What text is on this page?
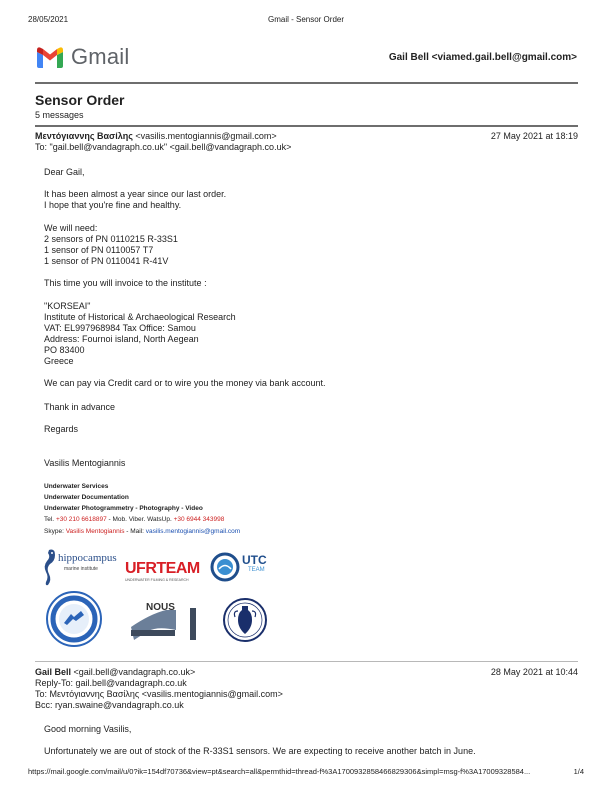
28/05/2021	Gmail - Sensor Order
Gmail	Gail Bell <viamed.gail.bell@gmail.com>
Sensor Order
5 messages
Μεντόγιαννης Βασίλης <vasilis.mentogiannis@gmail.com>	27 May 2021 at 18:19
To: "gail.bell@vandagraph.co.uk" <gail.bell@vandagraph.co.uk>
Dear Gail,
It has been almost a year since our last order.
I hope that you're fine and healthy.
We will need:
2 sensors of PN 0110215 R-33S1
1 sensor of PN 0110057 T7
1 sensor of PN 0110041 R-41V
This time you will invoice to the institute :
"KORSEAI"
Institute of Historical & Archaeological Research
VAT: EL997968984 Tax Office: Samou
Address: Fournoi island, North Aegean
PO 83400
Greece
We can pay via Credit card or to wire you the money via bank account.
Thank in advance
Regards
Vasilis Mentogiannis
Underwater Services
Underwater Documentation
Underwater Photogrammetry - Photography - Video
Tel. +30 210 6618897 - Mob. Viber. WatsUp. +30 6944 343998
Skype: Vasilis Mentogiannis - Mail: vasilis.mentogiannis@gmail.com
hippocampus
marine institute UFRTEAM
UNDERWATER FILMING & RESEARCH
UTC
TEAM
NOUS
Gail Bell <gail.bell@vandagraph.co.uk>	28 May 2021 at 10:44
Reply-To: gail.bell@vandagraph.co.uk
To: Μεντόγιαννης Βασίλης <vasilis.mentogiannis@gmail.com>
Bcc: ryan.swaine@vandagraph.co.uk
Good morning Vasilis,
Unfortunately we are out of stock of the R-33S1 sensors. We are expecting to receive another batch in June.
https://mail.google.com/mail/u/0?ik=154df70736&view=pt&search=all&permthid=thread-f%3A1700932858466829306&simpl=msg-f%3A17009328584...	1/4
